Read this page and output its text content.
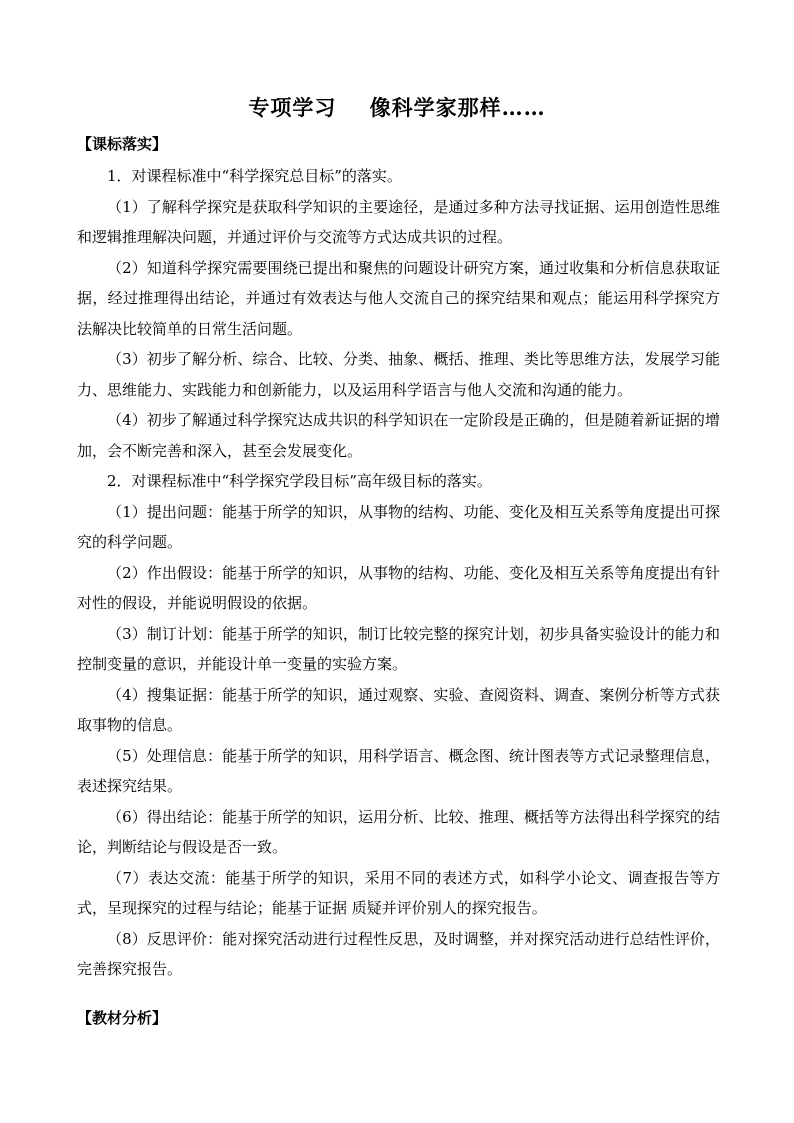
专项学习    像科学家那样……
【课标落实】

1．对课程标准中“科学探究总目标”的落实。

（1）了解科学探究是获取科学知识的主要途径，是通过多种方法寻找证据、运用创造性思维和逻辑推理解决问题，并通过评价与交流等方式达成共识的过程。

（2）知道科学探究需要围绕已提出和聚焦的问题设计研究方案，通过收集和分析信息获取证据，经过推理得出结论，并通过有效表达与他人交流自己的探究结果和观点；能运用科学探究方法解决比较简单的日常生活问题。

（3）初步了解分析、综合、比较、分类、抽象、概括、推理、类比等思维方法，发展学习能力、思维能力、实践能力和创新能力，以及运用科学语言与他人交流和沟通的能力。

（4）初步了解通过科学探究达成共识的科学知识在一定阶段是正确的，但是随着新证据的增加，会不断完善和深入，甚至会发展变化。

2．对课程标准中“科学探究学段目标”高年级目标的落实。

（1）提出问题：能基于所学的知识，从事物的结构、功能、变化及相互关系等角度提出可探究的科学问题。

（2）作出假设：能基于所学的知识，从事物的结构、功能、变化及相互关系等角度提出有针对性的假设，并能说明假设的依据。

（3）制订计划：能基于所学的知识，制订比较完整的探究计划，初步具备实验设计的能力和控制变量的意识，并能设计单一变量的实验方案。

（4）搜集证据：能基于所学的知识，通过观察、实验、查阅资料、调查、案例分析等方式获取事物的信息。

（5）处理信息：能基于所学的知识，用科学语言、概念图、统计图表等方式记录整理信息，表述探究结果。

（6）得出结论：能基于所学的知识，运用分析、比较、推理、概括等方法得出科学探究的结论，判断结论与假设是否一致。

（7）表达交流：能基于所学的知识，采用不同的表述方式，如科学小论文、调查报告等方式，呈现探究的过程与结论；能基于证据 质疑并评价别人的探究报告。

（8）反思评价：能对探究活动进行过程性反思，及时调整，并对探究活动进行总结性评价，完善探究报告。

【教材分析】
